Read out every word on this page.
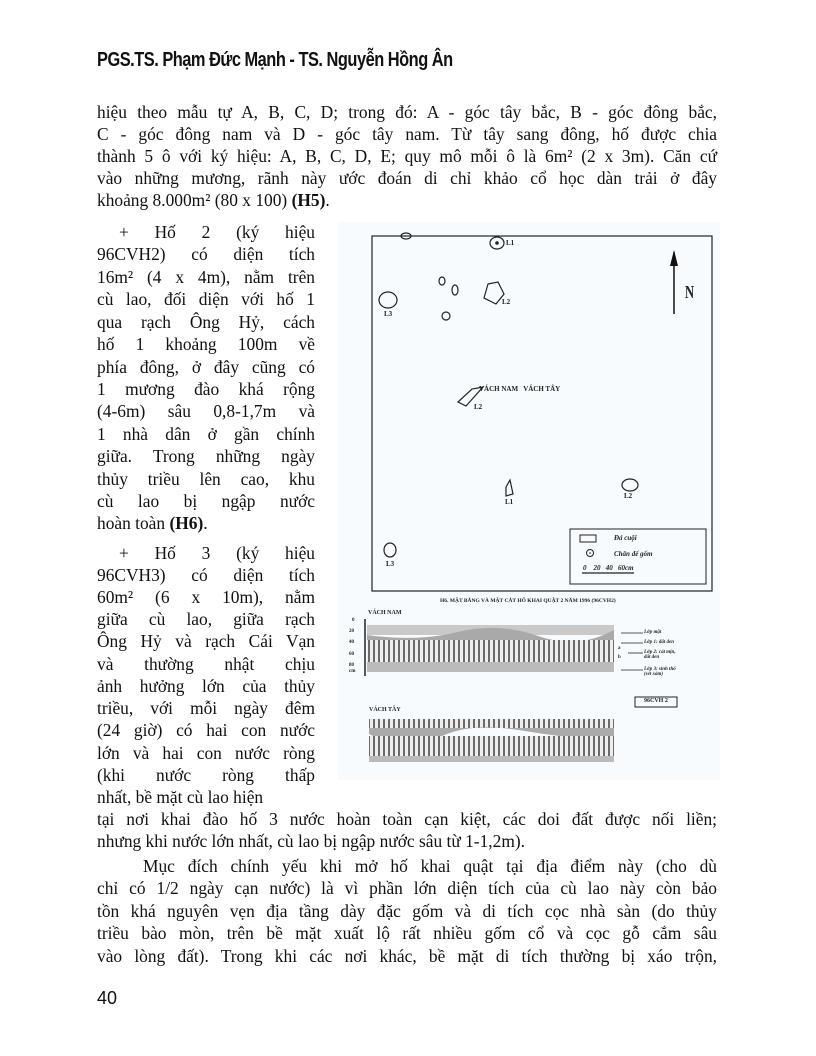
PGS.TS. Phạm Đức Mạnh - TS. Nguyễn Hồng Ân
hiệu theo mẫu tự A, B, C, D; trong đó: A - góc tây bắc, B - góc đông bắc,
C - góc đông nam và D - góc tây nam. Từ tây sang đông, hố được chia
thành 5 ô với ký hiệu: A, B, C, D, E; quy mô mỗi ô là 6m² (2 x 3m). Căn cứ
vào những mương, rãnh này ước đoán di chỉ khảo cổ học dàn trải ở đây
khoảng 8.000m² (80 x 100) (H5).
+ Hố 2 (ký hiệu
96CVH2) có diện tích
16m² (4 x 4m), nằm trên
cù lao, đối diện với hố 1
qua rạch Ông Hỷ, cách
hố 1 khoảng 100m về
phía đông, ở đây cũng có
1 mương đào khá rộng
(4-6m) sâu 0,8-1,7m và
1 nhà dân ở gần chính
giữa. Trong những ngày
thủy triều lên cao, khu
cù lao bị ngập nước
hoàn toàn (H6).
+ Hố 3 (ký hiệu
96CVH3) có diện tích
60m² (6 x 10m), nằm
giữa cù lao, giữa rạch
Ông Hỷ và rạch Cái Vạn
và thường nhật chịu
ảnh hưởng lớn của thủy
triều, với mỗi ngày đêm
(24 giờ) có hai con nước
lớn và hai con nước ròng
(khi nước ròng thấp
nhất, bề mặt cù lao hiện
tại nơi khai đào hố 3 nước hoàn toàn cạn kiệt, các doi đất được nối liền;
nhưng khi nước lớn nhất, cù lao bị ngập nước sâu từ 1-1,2m).
Mục đích chính yếu khi mở hố khai quật tại địa điểm này (cho dù
chỉ có 1/2 ngày cạn nước) là vì phần lớn diện tích của cù lao này còn bảo
tồn khá nguyên vẹn địa tầng dày đặc gốm và di tích cọc nhà sàn (do thủy
triều bào mòn, trên bề mặt xuất lộ rất nhiều gốm cổ và cọc gỗ cắm sâu
vào lòng đất). Trong khi các nơi khác, bề mặt di tích thường bị xáo trộn,
40
N
L1
L2
L3
L2
L1
L2
L3
VÁCH NAM   VÁCH TÂY
Đá cuội
Chân đế gốm
0    20   40   60cm
H6. MẶT BẰNG VÀ MẶT CẮT HỐ KHAI QUẬT 2 NĂM 1996 (96CVH2)
VÁCH NAM
VÁCH TÂY
0
20
40
60
80
cm
Lớp mặt
Lớp 1: đất đen
Lớp 2: cát mịn, đất đen
Lớp 3: sinh thổ (sét xám)
a
b
96CVH 2
